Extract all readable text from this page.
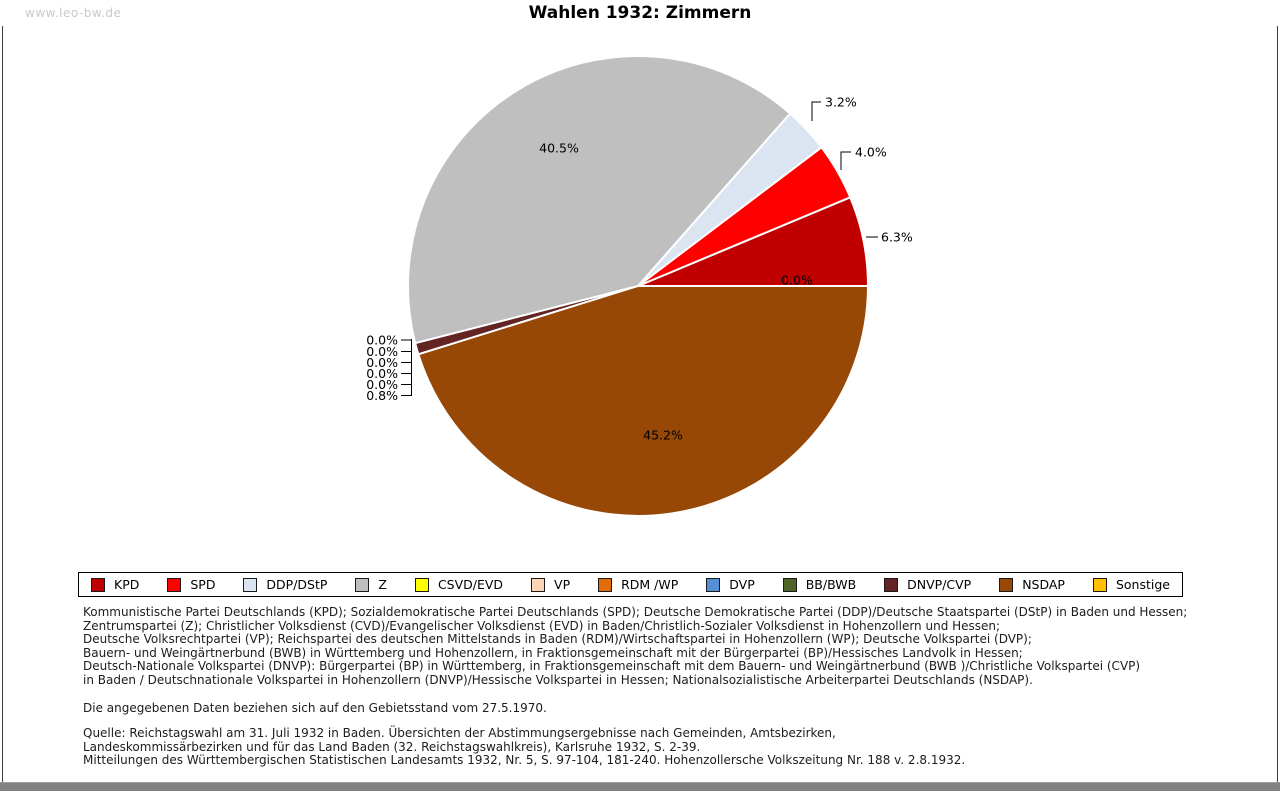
www.leo-bw.de	Wahlen 1932: Zimmern
6.3%
4.0%
3.2%
40.5%
45.2%
0.0%
0.0%
0.0%
0.0%
0.0%
0.0%
0.8%
KPD	SPD	DDP/DStP	Z	CSVD/EVD	VP	RDM /WP	DVP	BB/BWB	DNVP/CVP	NSDAP	Sonstige
Kommunistische Partei Deutschlands (KPD); Sozialdemokratische Partei Deutschlands (SPD); Deutsche Demokratische Partei (DDP)/Deutsche Staatspartei (DStP) in Baden und Hessen;
Zentrumspartei (Z); Christlicher Volksdienst (CVD)/Evangelischer Volksdienst (EVD) in Baden/Christlich-Sozialer Volksdienst in Hohenzollern und Hessen;
Deutsche Volksrechtpartei (VP); Reichspartei des deutschen Mittelstands in Baden (RDM)/Wirtschaftspartei in Hohenzollern (WP); Deutsche Volkspartei (DVP);
Bauern- und Weingärtnerbund (BWB) in Württemberg und Hohenzollern, in Fraktionsgemeinschaft mit der Bürgerpartei (BP)/Hessisches Landvolk in Hessen;
Deutsch-Nationale Volkspartei (DNVP): Bürgerpartei (BP) in Württemberg, in Fraktionsgemeinschaft mit dem Bauern- und Weingärtnerbund (BWB )/Christliche Volkspartei (CVP)
in Baden / Deutschnationale Volkspartei in Hohenzollern (DNVP)/Hessische Volkspartei in Hessen; Nationalsozialistische Arbeiterpartei Deutschlands (NSDAP).
Die angegebenen Daten beziehen sich auf den Gebietsstand vom 27.5.1970.
Quelle: Reichstagswahl am 31. Juli 1932 in Baden. Übersichten der Abstimmungsergebnisse nach Gemeinden, Amtsbezirken,
Landeskommissärbezirken und für das Land Baden (32. Reichstagswahlkreis), Karlsruhe 1932, S. 2-39.
Mitteilungen des Württembergischen Statistischen Landesamts 1932, Nr. 5, S. 97-104, 181-240. Hohenzollersche Volkszeitung Nr. 188 v. 2.8.1932.
